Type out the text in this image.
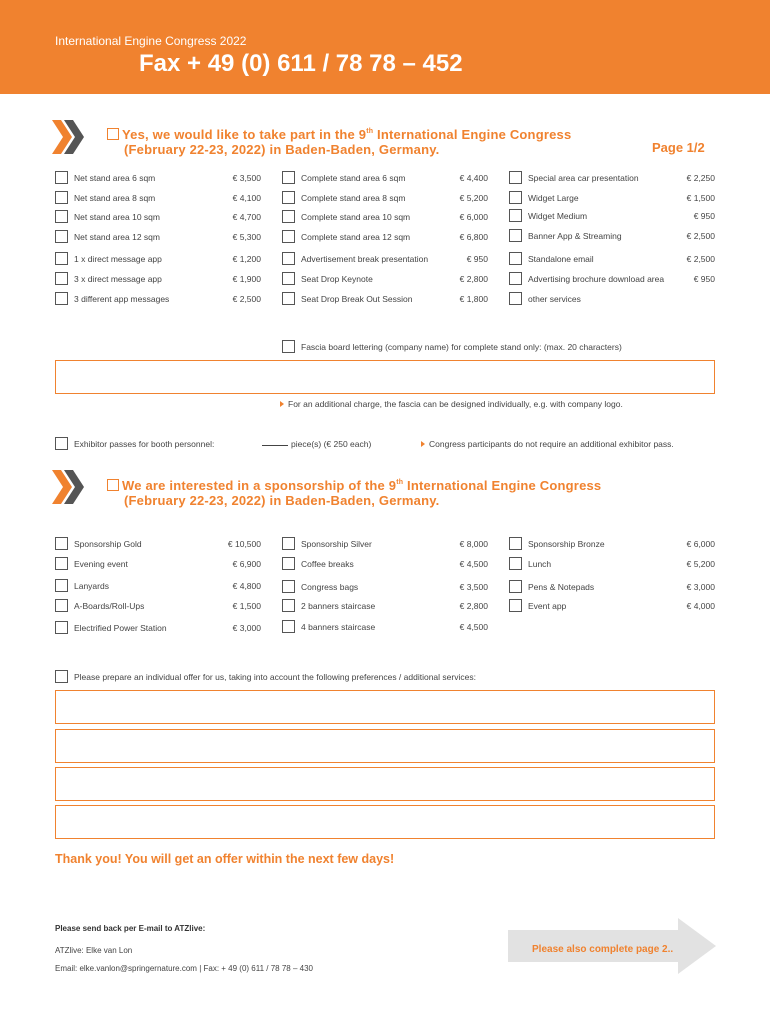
International Engine Congress 2022
Fax + 49 (0) 611 / 78 78 – 452
Yes, we would like to take part in the 9th International Engine Congress
(February 22-23, 2022) in Baden-Baden, Germany.	Page 1/2
Net stand area 6 sqm	€ 3,500
Net stand area 8 sqm	€ 4,100
Net stand area 10 sqm	€ 4,700
Net stand area 12 sqm	€ 5,300
1 x direct message app	€ 1,200
3 x direct message app	€ 1,900
3 different app messages	€ 2,500
Complete stand area 6 sqm	€ 4,400
Complete stand area 8 sqm	€ 5,200
Complete stand area 10 sqm	€ 6,000
Complete stand area 12 sqm	€ 6,800
Advertisement break presentation	€ 950
Seat Drop Keynote	€ 2,800
Seat Drop Break Out Session	€ 1,800
Special area car presentation	€ 2,250
Widget Large	€ 1,500
Widget Medium	€ 950
Banner App & Streaming	€ 2,500
Standalone email	€ 2,500
Advertising brochure download area	€ 950
other services
Fascia board lettering (company name) for complete stand only: (max. 20 characters)
For an additional charge, the fascia can be designed individually, e.g. with company logo.
Exhibitor passes for booth personnel:	piece(s) (€ 250 each)	Congress participants do not require an additional exhibitor pass.
We are interested in a sponsorship of the 9th International Engine Congress
(February 22-23, 2022) in Baden-Baden, Germany.
Sponsorship Gold	€ 10,500
Evening event	€ 6,900
Lanyards	€ 4,800
A-Boards/Roll-Ups	€ 1,500
Electrified Power Station	€ 3,000
Sponsorship Silver	€ 8,000
Coffee breaks	€ 4,500
Congress bags	€ 3,500
2 banners staircase	€ 2,800
4 banners staircase	€ 4,500
Sponsorship Bronze	€ 6,000
Lunch	€ 5,200
Pens & Notepads	€ 3,000
Event app	€ 4,000
Please prepare an individual offer for us, taking into account the following preferences / additional services:
Thank you! You will get an offer within the next few days!
Please send back per E-mail to ATZlive:
ATZlive: Elke van Lon
Email: elke.vanlon@springernature.com | Fax: + 49 (0) 611 / 78 78 – 430
Please also complete page 2..
